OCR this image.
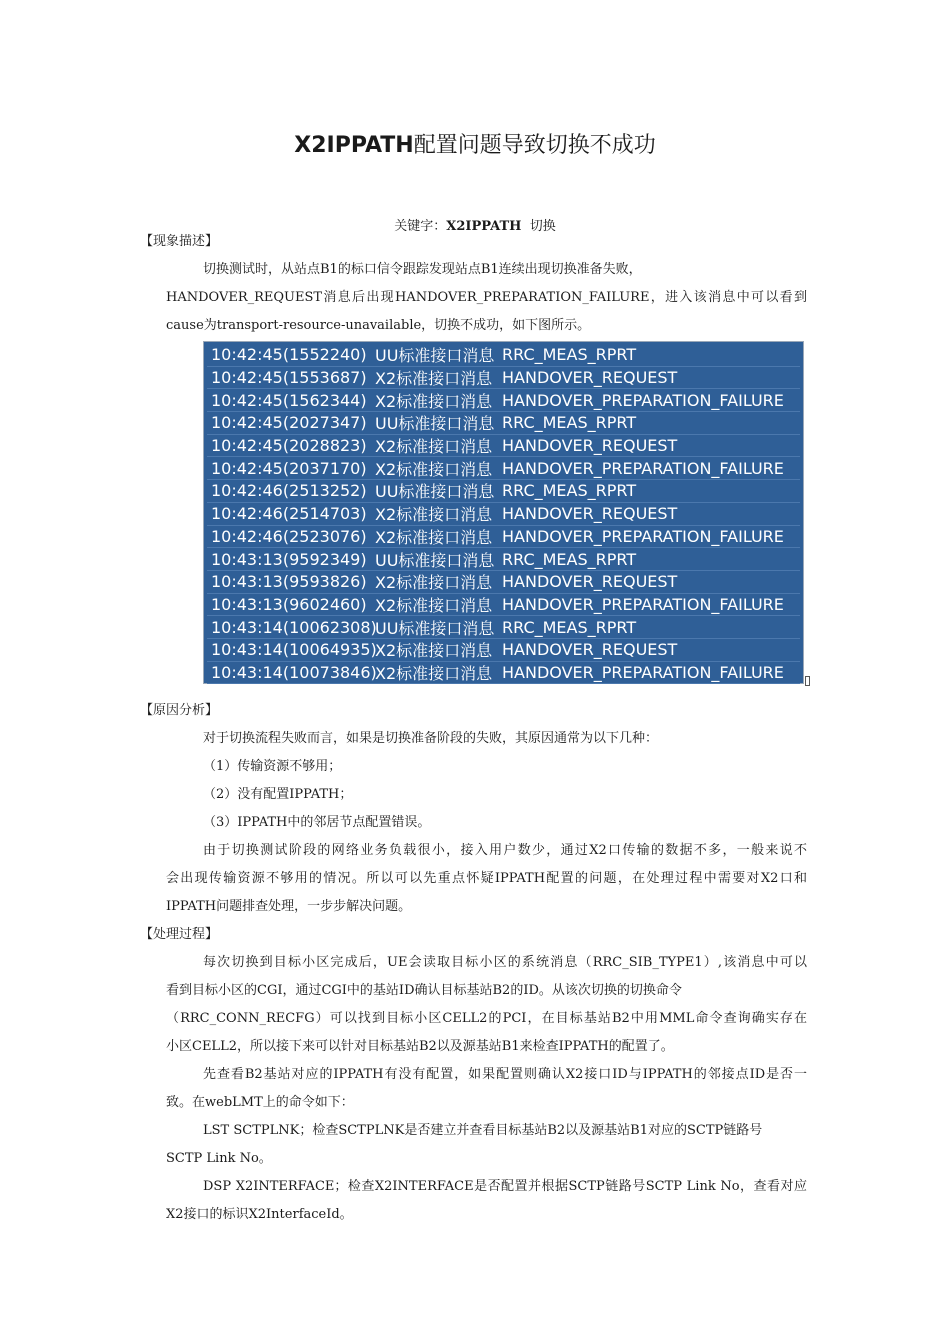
X2IPPATH配置问题导致切换不成功
关键字：X2IPPATH 切换
【现象描述】
切换测试时，从站点B1的标口信令跟踪发现站点B1连续出现切换准备失败，
HANDOVER_REQUEST消息后出现HANDOVER_PREPARATION_FAILURE，进入该消息中可以看到
cause为transport-resource-unavailable，切换不成功，如下图所示。
10:42:45(1552240) UU标准接口消息 RRC_MEAS_RPRT
10:42:45(1553687) X2标准接口消息 HANDOVER_REQUEST
10:42:45(1562344) X2标准接口消息 HANDOVER_PREPARATION_FAILURE
10:42:45(2027347) UU标准接口消息 RRC_MEAS_RPRT
10:42:45(2028823) X2标准接口消息 HANDOVER_REQUEST
10:42:45(2037170) X2标准接口消息 HANDOVER_PREPARATION_FAILURE
10:42:46(2513252) UU标准接口消息 RRC_MEAS_RPRT
10:42:46(2514703) X2标准接口消息 HANDOVER_REQUEST
10:42:46(2523076) X2标准接口消息 HANDOVER_PREPARATION_FAILURE
10:43:13(9592349) UU标准接口消息 RRC_MEAS_RPRT
10:43:13(9593826) X2标准接口消息 HANDOVER_REQUEST
10:43:13(9602460) X2标准接口消息 HANDOVER_PREPARATION_FAILURE
10:43:14(10062308)
UU标准接口消息 RRC_MEAS_RPRT
10:43:14(10064935)
X2标准接口消息 HANDOVER_REQUEST
10:43:14(10073846)
X2标准接口消息 HANDOVER_PREPARATION_FAILURE
【原因分析】
对于切换流程失败而言，如果是切换准备阶段的失败，其原因通常为以下几种：
（1）传输资源不够用；
（2）没有配置IPPATH；
（3）IPPATH中的邻居节点配置错误。
由于切换测试阶段的网络业务负载很小，接入用户数少，通过X2口传输的数据不多，一般来说不
会出现传输资源不够用的情况。所以可以先重点怀疑IPPATH配置的问题，在处理过程中需要对X2口和
IPPATH问题排查处理，一步步解决问题。
【处理过程】
每次切换到目标小区完成后，UE会读取目标小区的系统消息（RRC_SIB_TYPE1）,该消息中可以
看到目标小区的CGI，通过CGI中的基站ID确认目标基站B2的ID。从该次切换的切换命令
（RRC_CONN_RECFG）可以找到目标小区CELL2的PCI，在目标基站B2中用MML命令查询确实存在
小区CELL2，所以接下来可以针对目标基站B2以及源基站B1来检查IPPATH的配置了。
先查看B2基站对应的IPPATH有没有配置，如果配置则确认X2接口ID与IPPATH的邻接点ID是否一
致。在webLMT上的命令如下：
LST SCTPLNK；检查SCTPLNK是否建立并查看目标基站B2以及源基站B1对应的SCTP链路号
SCTP Link No。
DSP X2INTERFACE；检查X2INTERFACE是否配置并根据SCTP链路号SCTP Link No，查看对应
X2接口的标识X2InterfaceId。
